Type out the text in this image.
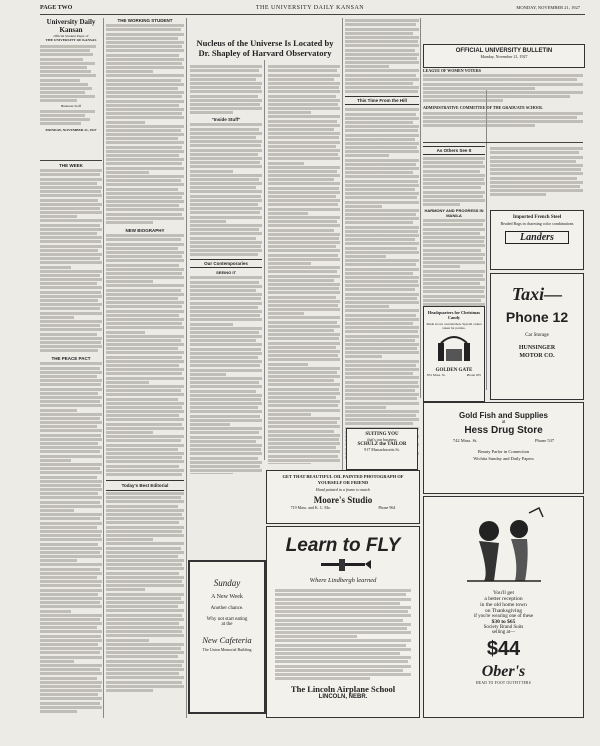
PAGE TWO	THE UNIVERSITY DAILY KANSAN	MONDAY, NOVEMBER 21, 1927
University Daily Kansan
Official Student Paper of
THE UNIVERSITY OF KANSAS
Business Staff
MONDAY, NOVEMBER 21, 1927
THE WEEK
THE PEACE PACT
THE WORKING STUDENT
NEW BIOGRAPHY
Today's Best Editorial
Nucleus of the Universe Is Located by Dr. Shapley of Harvard Observatory
"Inside Stuff"
Our Contemporaries
SEEING IT
This Time From the Hill
SUITING YOU
that's our business
SCHULZ the TAILOR
917 Massachusetts St.
OFFICIAL UNIVERSITY BULLETIN
Monday, November 21, 1927
LEAGUE OF WOMEN VOTERS
ADMINISTRATIVE COMMITTEE OF THE GRADUATE SCHOOL
As Others See It
HARMONY AND PROGRESS IN MANILA
Headquarters for Christmas Candy
Made in our own kitchen. Special orders taken for parties.
GOLDEN GATE
831 Mass. St.	Phone 935
Imported French Steel
Beaded Bags in charming color combinations
Landers
Taxi—
Phone 12
Car Storage
HUNSINGER MOTOR CO.
Gold Fish and Supplies
at
Hess Drug Store
742 Mass. St.	Phone 537
Beauty Parlor in Connection
Wichita Sunday and Daily Papers
You'll get
a better reception
in the old home town
on Thanksgiving
if you're wearing one of these
$30 to $65
Society Brand Suits
selling at—
$44
Ober's
HEAD TO FOOT OUTFITTERS
Sunday
A New Week
Another chance.
Why not start eating
at the
New Cafeteria
The Union Memorial Building
GET THAT BEAUTIFUL OIL PAINTED PHOTOGRAPH OF YOURSELF OR FRIEND
Hand painted in a frame to match
Moore's Studio
719 Mass. and K. C. Mo.	Phone 964
Learn to FLY
Where Lindbergh learned
The Lincoln Airplane School
LINCOLN, NEBR.
